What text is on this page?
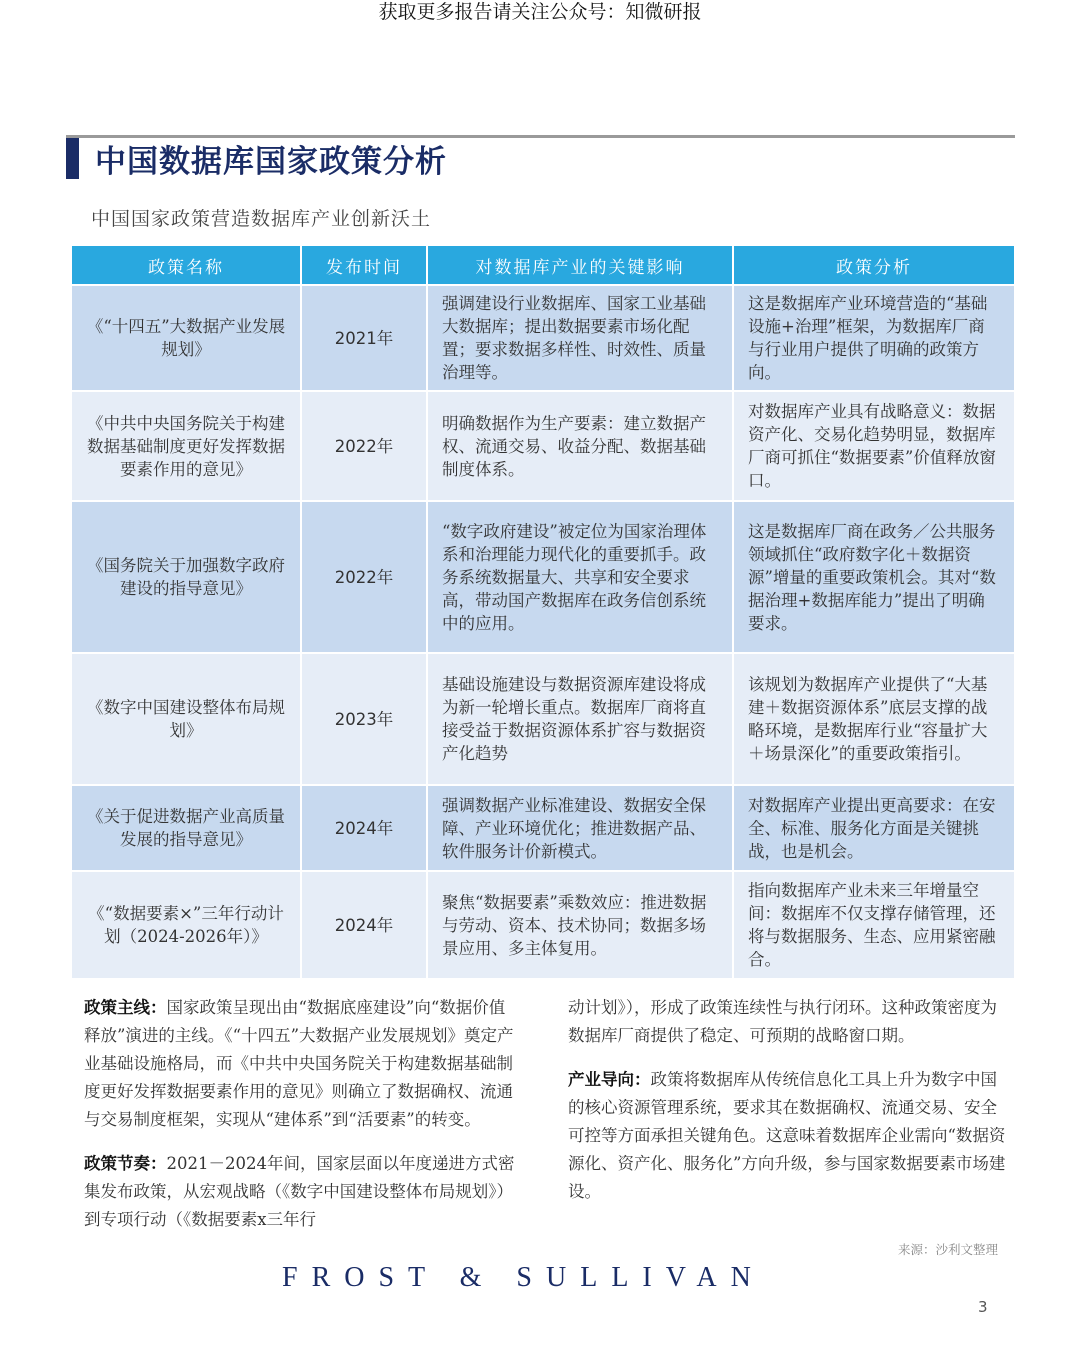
获取更多报告请关注公众号：知微研报
中国数据库国家政策分析
中国国家政策营造数据库产业创新沃土
政策名称	发布时间	对数据库产业的关键影响	政策分析
《“十四五”大数据产业发展规划》	2021年	强调建设行业数据库、国家工业基础大数据库；提出数据要素市场化配置；要求数据多样性、时效性、质量治理等。	这是数据库产业环境营造的“基础设施+治理”框架，为数据库厂商与行业用户提供了明确的政策方向。
《中共中央国务院关于构建数据基础制度更好发挥数据要素作用的意见》	2022年	明确数据作为生产要素：建立数据产权、流通交易、收益分配、数据基础制度体系。	对数据库产业具有战略意义：数据资产化、交易化趋势明显，数据库厂商可抓住“数据要素”价值释放窗口。
《国务院关于加强数字政府建设的指导意见》	2022年	“数字政府建设”被定位为国家治理体系和治理能力现代化的重要抓手。政务系统数据量大、共享和安全要求高，带动国产数据库在政务信创系统中的应用。	这是数据库厂商在政务／公共服务领域抓住“政府数字化＋数据资源”增量的重要政策机会。其对“数据治理+数据库能力”提出了明确要求。
《数字中国建设整体布局规划》	2023年	基础设施建设与数据资源库建设将成为新一轮增长重点。数据库厂商将直接受益于数据资源体系扩容与数据资产化趋势	该规划为数据库产业提供了“大基建＋数据资源体系”底层支撑的战略环境，是数据库行业“容量扩大＋场景深化”的重要政策指引。
《关于促进数据产业高质量发展的指导意见》	2024年	强调数据产业标准建设、数据安全保障、产业环境优化；推进数据产品、软件服务计价新模式。	对数据库产业提出更高要求：在安全、标准、服务化方面是关键挑战，也是机会。
《“数据要素×”三年行动计划（2024-2026年）》	2024年	聚焦“数据要素”乘数效应：推进数据与劳动、资本、技术协同；数据多场景应用、多主体复用。	指向数据库产业未来三年增量空间：数据库不仅支撑存储管理，还将与数据服务、生态、应用紧密融合。

政策主线：国家政策呈现出由“数据底座建设”向“数据价值释放”演进的主线。《“十四五”大数据产业发展规划》奠定产业基础设施格局，而《中共中央国务院关于构建数据基础制度更好发挥数据要素作用的意见》则确立了数据确权、流通与交易制度框架，实现从“建体系”到“活要素”的转变。

政策节奏：2021－2024年间，国家层面以年度递进方式密集发布政策，从宏观战略（《数字中国建设整体布局规划》）到专项行动（《数据要素x三年行

动计划》），形成了政策连续性与执行闭环。这种政策密度为数据库厂商提供了稳定、可预期的战略窗口期。

产业导向：政策将数据库从传统信息化工具上升为数字中国的核心资源管理系统，要求其在数据确权、流通交易、安全可控等方面承担关键角色。这意味着数据库企业需向“数据资源化、资产化、服务化”方向升级，参与国家数据要素市场建设。

来源：沙利文整理
FROST & SULLIVAN
3
